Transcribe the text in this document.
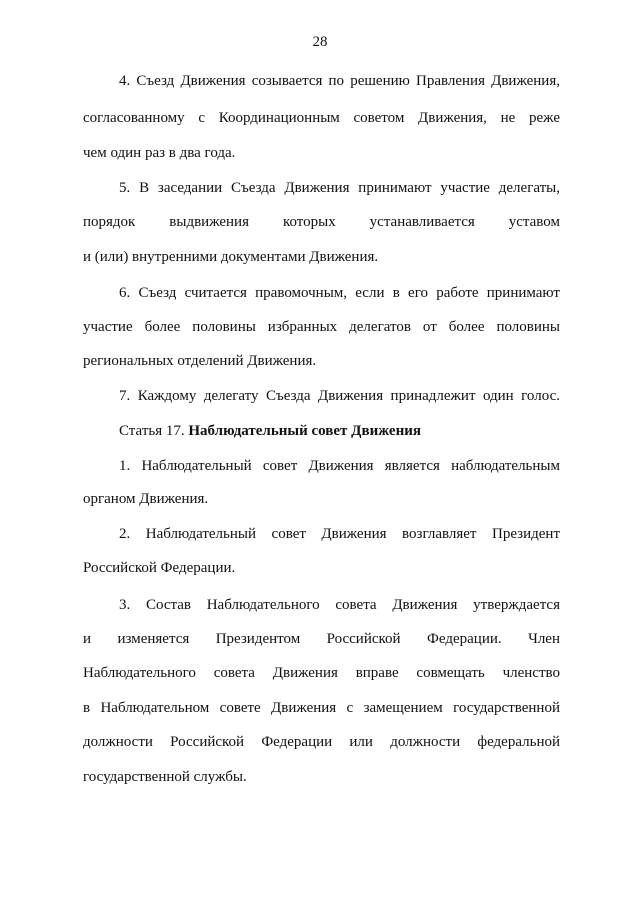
28
4. Съезд Движения созывается по решению Правления Движения,
согласованному с Координационным советом Движения, не реже
чем один раз в два года.
5. В заседании Съезда Движения принимают участие делегаты,
порядок выдвижения которых устанавливается уставом
и (или) внутренними документами Движения.
6. Съезд считается правомочным, если в его работе принимают
участие более половины избранных делегатов от более половины
региональных отделений Движения.
7. Каждому делегату Съезда Движения принадлежит один голос.
Статья 17. Наблюдательный совет Движения
1. Наблюдательный совет Движения является наблюдательным
органом Движения.
2. Наблюдательный совет Движения возглавляет Президент
Российской Федерации.
3. Состав Наблюдательного совета Движения утверждается
и изменяется Президентом Российской Федерации. Член
Наблюдательного совета Движения вправе совмещать членство
в Наблюдательном совете Движения с замещением государственной
должности Российской Федерации или должности федеральной
государственной службы.
